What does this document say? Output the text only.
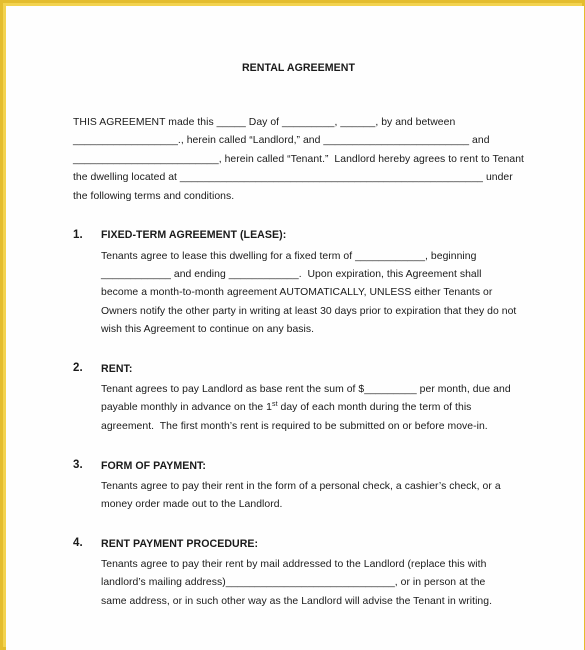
RENTAL AGREEMENT
THIS AGREEMENT made this _____ Day of _________, ______, by and between
__________________., herein called “Landlord,” and _________________________ and
_________________________, herein called “Tenant.”  Landlord hereby agrees to rent to Tenant
the dwelling located at ____________________________________________________ under
the following terms and conditions.
1. FIXED-TERM AGREEMENT (LEASE):
Tenants agree to lease this dwelling for a fixed term of ____________, beginning
____________ and ending ____________.  Upon expiration, this Agreement shall
become a month-to-month agreement AUTOMATICALLY, UNLESS either Tenants or
Owners notify the other party in writing at least 30 days prior to expiration that they do not
wish this Agreement to continue on any basis.
2. RENT:
Tenant agrees to pay Landlord as base rent the sum of $_________ per month, due and
payable monthly in advance on the 1st day of each month during the term of this
agreement.  The first month’s rent is required to be submitted on or before move-in.
3. FORM OF PAYMENT:
Tenants agree to pay their rent in the form of a personal check, a cashier’s check, or a
money order made out to the Landlord.
4. RENT PAYMENT PROCEDURE:
Tenants agree to pay their rent by mail addressed to the Landlord (replace this with
landlord’s mailing address)_____________________________, or in person at the
same address, or in such other way as the Landlord will advise the Tenant in writing.
